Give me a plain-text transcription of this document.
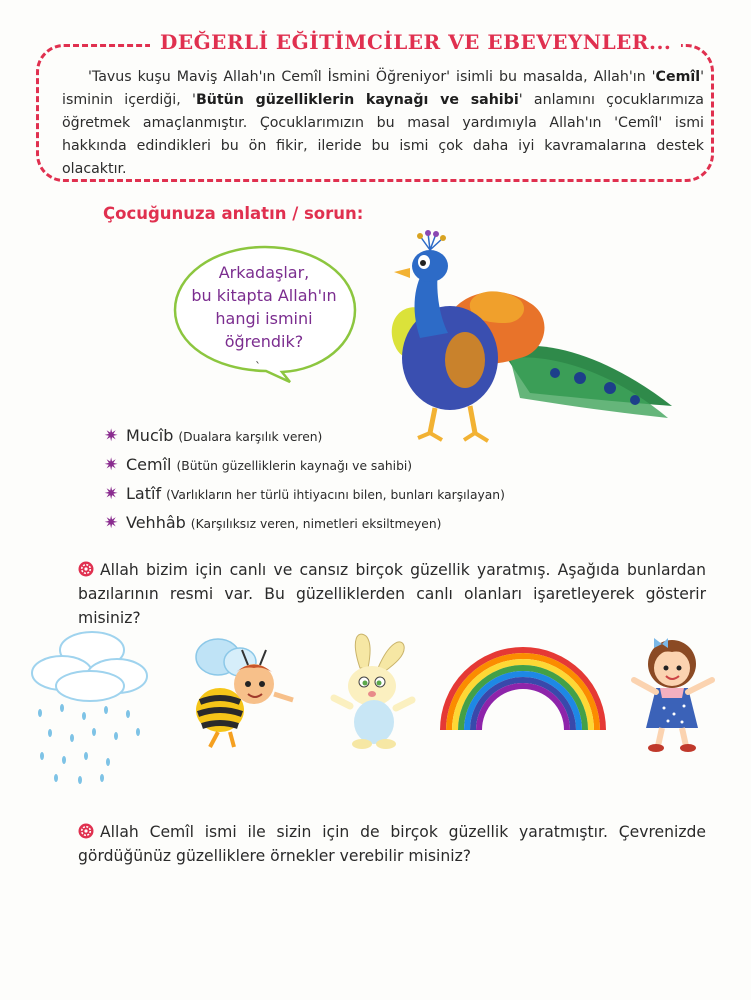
DEĞERLİ EĞİTİMCİLER VE EBEVEYNLER...
'Tavus kuşu Maviş Allah'ın Cemîl İsmini Öğreniyor' isimli bu masalda, Allah'ın 'Cemîl' isminin içerdiği, 'Bütün güzelliklerin kaynağı ve sahibi' anlamını çocuklarımıza öğretmek amaçlanmıştır. Çocuklarımızın bu masal yardımıyla Allah'ın 'Cemîl' ismi hakkında edindikleri bu ön fikir, ileride bu ismi çok daha iyi kavramalarına destek olacaktır.
Çocuğunuza anlatın / sorun:
Arkadaşlar,
bu kitapta Allah'ın
hangi ismini
öğrendik?
`
✷ Mucîb (Dualara karşılık veren)
✷ Cemîl (Bütün güzelliklerin kaynağı ve sahibi)
✷ Latîf (Varlıkların her türlü ihtiyacını bilen, bunları karşılayan)
✷ Vehhâb (Karşılıksız veren, nimetleri eksiltmeyen)
Allah bizim için canlı ve cansız birçok güzellik yaratmış. Aşağıda bunlardan bazılarının resmi var. Bu güzelliklerden canlı olanları işaretleyerek gösterir misiniz?
Allah Cemîl ismi ile sizin için de birçok güzellik yaratmıştır. Çevrenizde gördüğünüz güzelliklere örnekler verebilir misiniz?
